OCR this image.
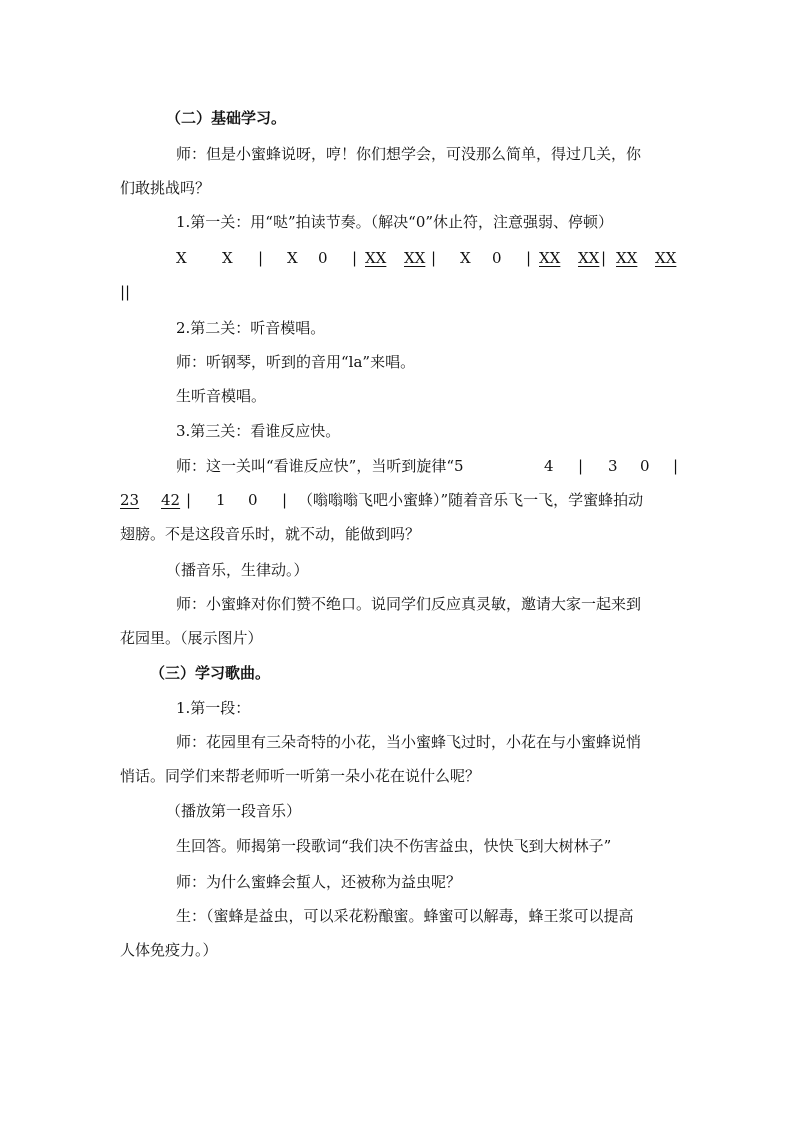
（二）基础学习。
师：但是小蜜蜂说呀，哼！你们想学会，可没那么简单，得过几关，你
们敢挑战吗？
1.第一关：用“哒”拍读节奏。（解决“0”休止符，注意强弱、停顿）
X X | X 0 | XX XX | X 0 | XX XX | XX XX
||
2.第二关：听音模唱。
师：听钢琴，听到的音用“la”来唱。
生听音模唱。
3.第三关：看谁反应快。
师：这一关叫“看谁反应快”，当听到旋律“5	4 | 3 0 |
23 42 | 1 0 | （嗡嗡嗡飞吧小蜜蜂）”随着音乐飞一飞，学蜜蜂拍动
翅膀。不是这段音乐时，就不动，能做到吗？
（播音乐，生律动。）
师：小蜜蜂对你们赞不绝口。说同学们反应真灵敏，邀请大家一起来到
花园里。（展示图片）
（三）学习歌曲。
1.第一段：
师：花园里有三朵奇特的小花，当小蜜蜂飞过时，小花在与小蜜蜂说悄
悄话。同学们来帮老师听一听第一朵小花在说什么呢？
（播放第一段音乐）
生回答。师揭第一段歌词“我们决不伤害益虫，快快飞到大树林子”
师：为什么蜜蜂会蜇人，还被称为益虫呢？
生：（蜜蜂是益虫，可以采花粉酿蜜。蜂蜜可以解毒，蜂王浆可以提高
人体免疫力。）
